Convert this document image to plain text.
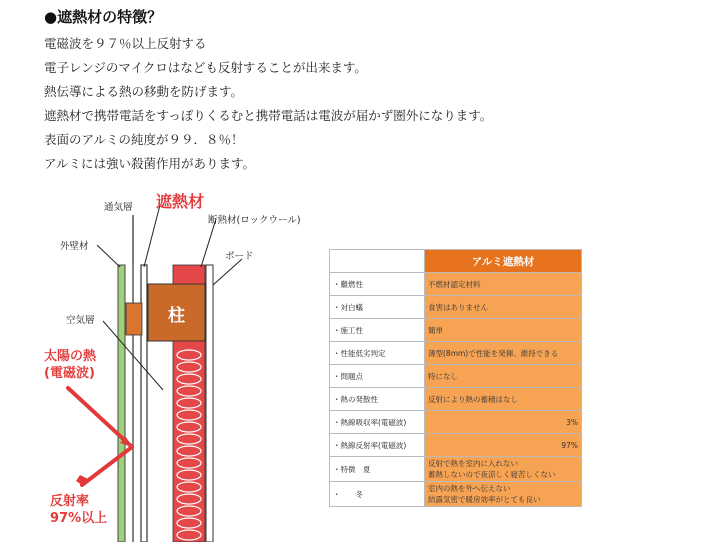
●遮熱材の特徴？
電磁波を９７％以上反射する
電子レンジのマイクロはなども反射することが出来ます。
熱伝導による熱の移動を防げます。
遮熱材で携帯電話をすっぽりくるむと携帯電話は電波が届かず圏外になります。
表面のアルミの純度が９９．８％！
アルミには強い殺菌作用があります。
遮熱材
通気層
断熱材(ロックウール)
外壁材
ボード
空気層	柱
太陽の熱
(電磁波)
反射率
97%以上
	アルミ遮熱材
・難燃性	不燃材認定材料
・対白蟻	食害はありません
・施工性	簡単
・性能低劣判定	薄型(8mm)で性能を発揮、維持できる
・問題点	特になし
・熱の発散性	反射により熱の蓄積はなし
・熱線吸収率(電磁波)	3%
・熱線反射率(電磁波)	97%
・特徴　夏	反射で熱を室内に入れない
蓄熱しないので夜涼しく寝苦しくない

・　　冬	室内の熱を外へ伝えない
結露気密で暖房効率がとても良い
